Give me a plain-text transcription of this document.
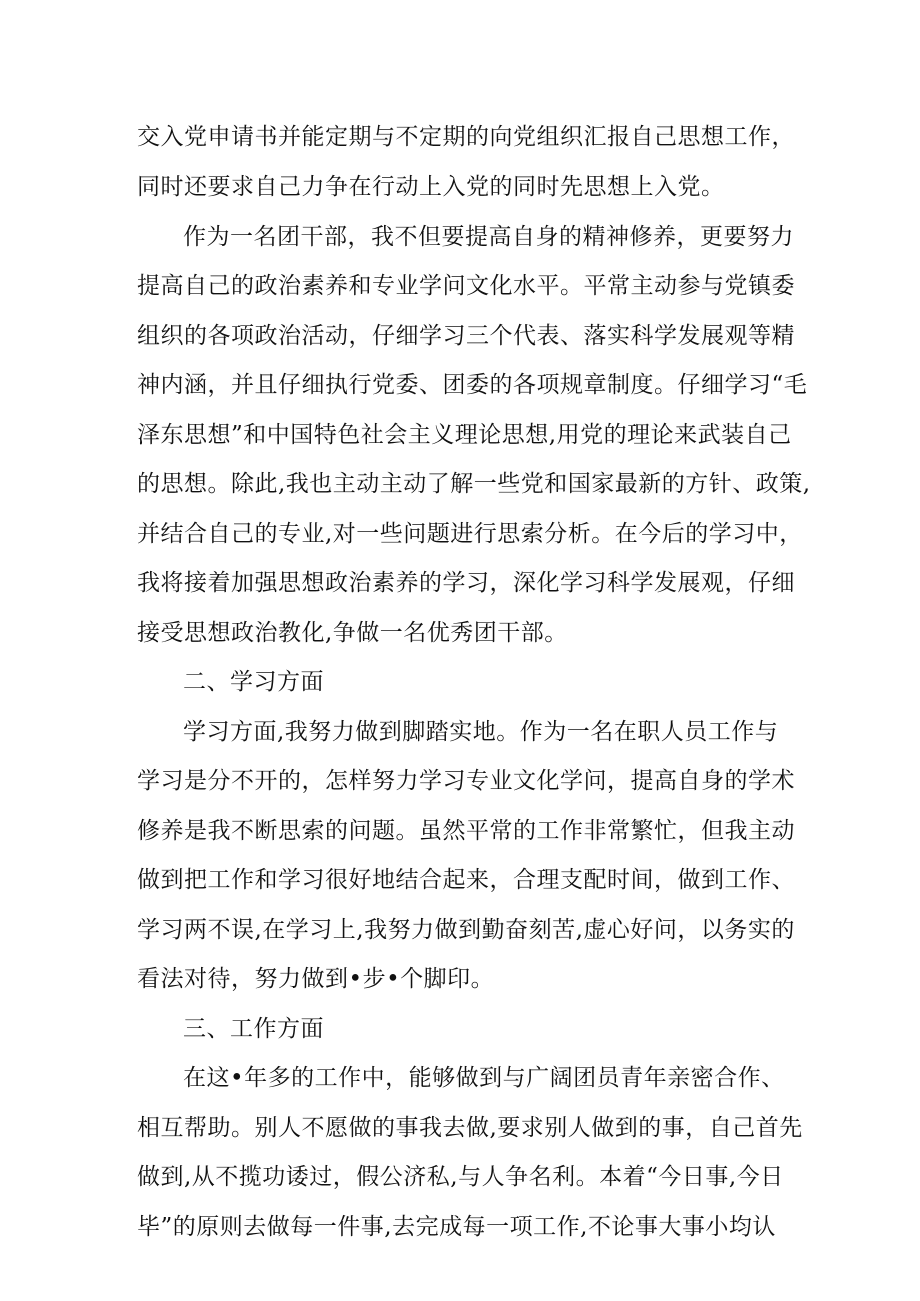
交入党申请书并能定期与不定期的向党组织汇报自己思想工作，
同时还要求自己力争在行动上入党的同时先思想上入党。
作为一名团干部，我不但要提高自身的精神修养，更要努力
提高自己的政治素养和专业学问文化水平。平常主动参与党镇委
组织的各项政治活动，仔细学习三个代表、落实科学发展观等精
神内涵，并且仔细执行党委、团委的各项规章制度。仔细学习“毛
泽东思想”和中国特色社会主义理论思想,用党的理论来武装自己
的思想。除此,我也主动主动了解一些党和国家最新的方针、政策,
并结合自己的专业,对一些问题进行思索分析。在今后的学习中，
我将接着加强思想政治素养的学习，深化学习科学发展观，仔细
接受思想政治教化,争做一名优秀团干部。
二、学习方面
学习方面,我努力做到脚踏实地。作为一名在职人员工作与
学习是分不开的，怎样努力学习专业文化学问，提高自身的学术
修养是我不断思索的问题。虽然平常的工作非常繁忙，但我主动
做到把工作和学习很好地结合起来，合理支配时间，做到工作、
学习两不误,在学习上,我努力做到勤奋刻苦,虚心好问，以务实的
看法对待，努力做到•步•个脚印。
三、工作方面
在这•年多的工作中，能够做到与广阔团员青年亲密合作、
相互帮助。别人不愿做的事我去做,要求别人做到的事，自己首先
做到,从不揽功诿过，假公济私,与人争名利。本着“今日事,今日
毕”的原则去做每一件事,去完成每一项工作,不论事大事小均认
